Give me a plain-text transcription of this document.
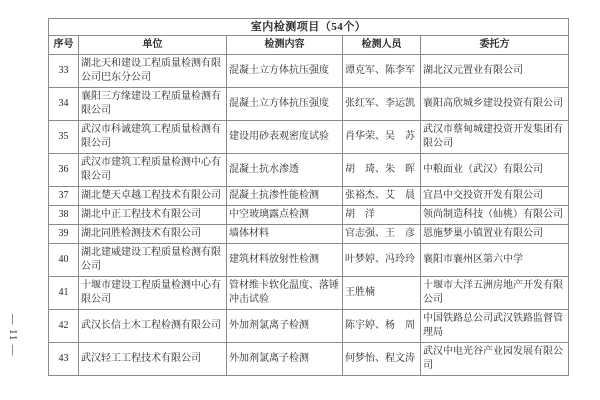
— 11 —
室内检测项目（54个）				
序号	单位	检测内容	检测人员	委托方
33	湖北天和建设工程质量检测有限公司巴东分公司	混凝土立方体抗压强度	谭克军、陈李军	湖北汉元置业有限公司
34	襄阳三方缘建设工程质量检测有限公司	混凝土立方体抗压强度	张红军、李运凯	襄阳高欣城乡建设投资有限公司
35	武汉市科诚建筑工程质量检测有限公司	建设用砂表观密度试验	肖华荣、吴　苏	武汉市蔡甸城建投资开发集团有限公司
36	武汉市建筑工程质量检测中心有限公司	混凝土抗水渗透	胡　琦、朱　晖	中粮面业（武汉）有限公司
37	湖北楚天卓越工程技术有限公司	混凝土抗渗性能检测	张裕杰、艾　晨	宜昌中交投资开发有限公司
38	湖北中正工程技术有限公司	中空玻璃露点检测	胡　洋	领尚制造科技（仙桃）有限公司
39	湖北同胜检测技术有限公司	墙体材料	官志强、王　彦	恩施梦巢小镇置业有限公司
40	湖北建威建设工程质量检测有限公司	建筑材料放射性检测	叶梦婷、冯玲玲	襄阳市襄州区第六中学
41	十堰市建设工程质量检测中心有限公司	管材维卡软化温度、落锤冲击试验	王胜楠	十堰市大洋五洲房地产开发有限公司
42	武汉长信土木工程检测有限公司	外加剂氯离子检测	陈宇婷、杨　周	中国铁路总公司武汉铁路监督管理局
43	武汉轻工工程技术有限公司	外加剂氯离子检测	何梦怡、程文涛	武汉中电光谷产业园发展有限公司
